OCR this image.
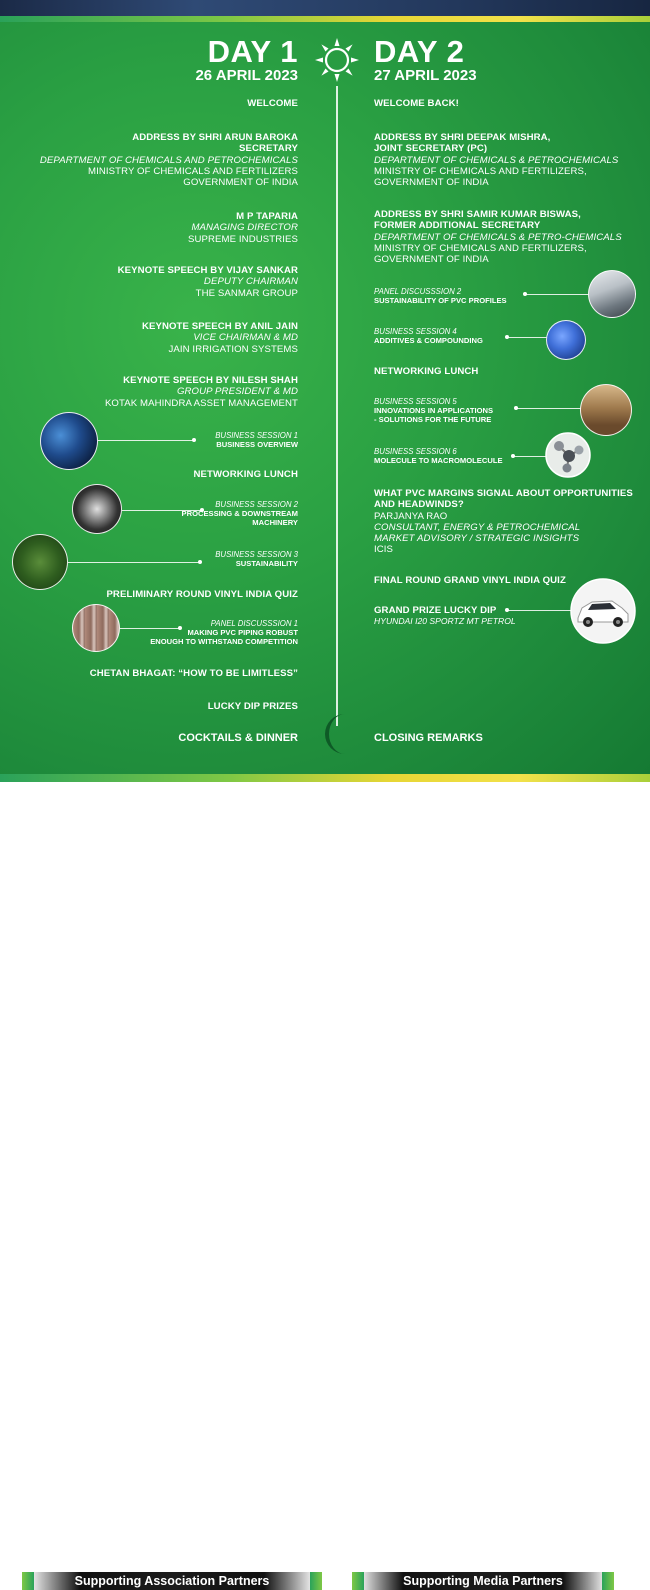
DAY 1
26 APRIL 2023
DAY 2
27 APRIL 2023
WELCOME
ADDRESS BY SHRI ARUN BAROKA
SECRETARY
DEPARTMENT OF CHEMICALS AND PETROCHEMICALS
MINISTRY OF CHEMICALS AND FERTILIZERS
GOVERNMENT OF INDIA
M P TAPARIA
MANAGING DIRECTOR
SUPREME INDUSTRIES
KEYNOTE SPEECH BY VIJAY SANKAR
DEPUTY CHAIRMAN
THE SANMAR GROUP
KEYNOTE SPEECH BY ANIL JAIN
VICE CHAIRMAN & MD
JAIN IRRIGATION SYSTEMS
KEYNOTE SPEECH BY NILESH SHAH
GROUP PRESIDENT & MD
KOTAK MAHINDRA ASSET MANAGEMENT
BUSINESS SESSION 1
BUSINESS OVERVIEW
NETWORKING LUNCH
BUSINESS SESSION 2
PROCESSING & DOWNSTREAM
MACHINERY
BUSINESS SESSION 3
SUSTAINABILITY
PRELIMINARY ROUND VINYL INDIA QUIZ
PANEL DISCUSSSION 1
MAKING PVC PIPING ROBUST
ENOUGH TO WITHSTAND COMPETITION
CHETAN BHAGAT: “HOW TO BE LIMITLESS”
LUCKY DIP PRIZES
COCKTAILS & DINNER
WELCOME BACK!
ADDRESS BY SHRI DEEPAK MISHRA,
JOINT SECRETARY (PC)
DEPARTMENT OF CHEMICALS & PETROCHEMICALS
MINISTRY OF CHEMICALS AND FERTILIZERS,
GOVERNMENT OF INDIA
ADDRESS BY SHRI SAMIR KUMAR BISWAS,
FORMER ADDITIONAL SECRETARY
DEPARTMENT OF CHEMICALS & PETRO-CHEMICALS
MINISTRY OF CHEMICALS AND FERTILIZERS,
GOVERNMENT OF INDIA
PANEL DISCUSSSION 2
SUSTAINABILITY OF PVC PROFILES
BUSINESS SESSION 4
ADDITIVES & COMPOUNDING
NETWORKING LUNCH
BUSINESS SESSION 5
INNOVATIONS IN APPLICATIONS
- SOLUTIONS FOR THE FUTURE
BUSINESS SESSION 6
MOLECULE TO MACROMOLECULE
WHAT PVC MARGINS SIGNAL ABOUT OPPORTUNITIES
AND HEADWINDS?
PARJANYA RAO
CONSULTANT, ENERGY & PETROCHEMICAL
MARKET ADVISORY / STRATEGIC INSIGHTS
ICIS
FINAL ROUND GRAND VINYL INDIA QUIZ
GRAND PRIZE LUCKY DIP
HYUNDAI I20 SPORTZ MT PETROL
CLOSING REMARKS
Supporting Association Partners	Supporting Media Partners
